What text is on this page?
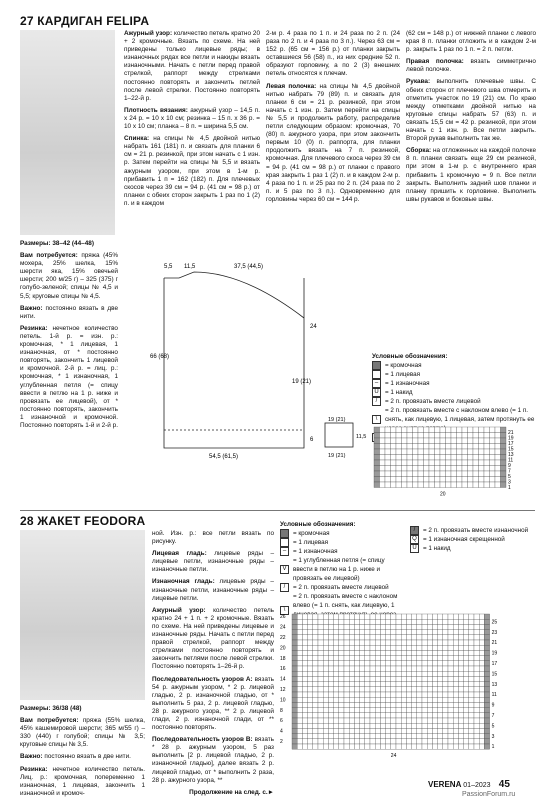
27 КАРДИГАН FELIPA

Размеры: 38–42 (44–48)

Вам потребуется: пряжа (45% мохера, 25% шелка, 15% шерсти яка, 15% овечьей шерсти; 200 м/25 г) – 325 (375) г голубо-зеленой; спицы № 4,5 и 5,5; круговые спицы № 4,5.

Важно: постоянно вязать в две нити.

Резинка: нечетное количество петель. 1-й р. = изн. р.: кромочная, * 1 лицевая, 1 изнаночная, от * постоянно повторять, закончить 1 лицевой и кромочной. 2-й р. = лиц. р.: кромочная, * 1 изнаночная, 1 углубленная петля (= спицу ввести в петлю на 1 р. ниже и провязать ее лицевой), от * постоянно повторять, закончить 1 изнаночной и кромочной. Постоянно повторять 1-й и 2-й р.

Ажурный узор: количество петель кратно 20 + 2 кромочные. Вязать по схеме. На ней приведены только лицевые ряды; в изнаночных рядах все петли и накиды вязать изнаночными. Начать с петли перед правой стрелкой, раппорт между стрелками постоянно повторять и закончить петлей после левой стрелки. Постоянно повторять 1–22-й р.

Плотность вязания: ажурный узор – 14,5 п. х 24 р. = 10 х 10 см; резинка – 15 п. х 36 р. = 10 х 10 см; планка – 8 п. = ширина 5,5 см.

Спинка: на спицы № 4,5 двойной нитью набрать 161 (181) п. и связать для планки 6 см = 21 р. резинкой, при этом начать с 1 изн. р. Затем перейти на спицы № 5,5 и вязать ажурным узором, при этом в 1-м р. прибавить 1 п = 162 (182) п. Для плечевых скосов через 39 см = 94 р. (41 см = 98 р.) от планки с обеих сторон закрыть 1 раз по 1 (2) п. и в каждом

2-м р. 4 раза по 1 п. и 24 раза по 2 п. (24 раза по 2 п. и 4 раза по 3 п.). Через 63 см = 152 р. (65 см = 156 р.) от планки закрыть оставшиеся 56 (58) п., из них средние 52 п. образуют горловину, а по 2 (3) внешних петель относятся к плечам.

Левая полочка: на спицы № 4,5 двойной нитью набрать 79 (89) п. и связать для планки 6 см = 21 р. резинкой, при этом начать с 1 изн. р. Затем перейти на спицы № 5,5 и продолжить работу, распределив петли следующим образом: кромочная, 70 (80) п. ажурного узора, при этом закончить первым 10 (0) п. раппорта, для планки продолжить вязать на 7 п. резинкой, кромочная. Для плечевого скоса через 39 см = 94 р. (41 см = 98 р.) от планки с правого края закрыть 1 раз 1 (2) п. и в каждом 2-м р. 4 раза по 1 п. и 25 раз по 2 п. (24 раза по 2 п. и 5 раз по 3 п.). Одновременно для горловины через 60 см = 144 р.

(62 см = 148 р.) от нижней планки с левого края 8 п. планки отложить и в каждом 2-м р. закрыть 1 раз по 1 п. = 2 п. петли.

Правая полочка: вязать симметрично левой полочке.

Рукава: выполнить плечевые швы. С обеих сторон от плечевого шва отмерить и отметить участок по 19 (21) см. По краю между отметками двойной нитью на круговые спицы набрать 57 (63) п. и связать 15,5 см = 42 р. резинкой, при этом начать с 1 изн. р. Все петли закрыть. Второй рукав выполнить так же.

Сборка: на отложенных на каждой полочке 8 п. планки связать еще 29 см резинкой, при этом в 1-м р. с внутреннего края прибавить 1 кромочную = 9 п. Все петли закрыть. Выполнить задний шов планки и планку пришить к горловине. Выполнить швы рукавов и боковые швы.

5,5 11,5	37,5 (44,5)
24
19 (21)
6
66 (68)
54,5 (61,5)
19 (21)
11,5
19 (21)
Условные обозначения:
= кромочная
= 1 лицевая
–	= 1 изнаночная
U	= 1 накид
/	= 2 п. провязать вместе лицевой
\
= 2 п. провязать вместе с наклоном влево (= 1 п. снять, как лицевую, 1 лицевая, затем протянуть ее
21
19
17
15
13
11
9
7
5
3
1
20
28 ЖАКЕТ FEODORA

Размеры: 36/38 (48)

Вам потребуется: пряжа (55% шелка, 45% кашемировой шерсти; 365 м/55 г) – 330 (440) г голубой; спицы № 3,5; круговые спицы № 3,5.

Важно: постоянно вязать в две нити.

Резинка: нечетное количество петель. Лиц. р.: кромочная, попеременно 1 изнаночная, 1 лицевая, закончить 1 изнаночной и кромоч-

ной. Изн. р.: все петли вязать по рисунку.

Лицевая гладь: лицевые ряды – лицевые петли, изнаночные ряды – изнаночные петли.

Изнаночная гладь: лицевые ряды – изнаночные петли, изнаночные ряды – лицевые петли.

Ажурный узор: количество петель кратно 24 + 1 п. + 2 кромочные. Вязать по схеме. На ней приведены лицевые и изнаночные ряды. Начать с петли перед правой стрелкой, раппорт между стрелками постоянно повторять и закончить петлями после левой стрелки. Постоянно повторять 1–26-й р.

Последовательность узоров А: вязать 54 р. ажурным узором, * 2 р. лицевой гладью, 2 р. изнаночной гладью, от * выполнить 5 раз, 2 р. лицевой гладью, 28 р. ажурного узора, ** 2 р. лицевой глади, 2 р. изнаночной глади, от ** постоянно повторять.

Последовательность узоров В: вязать * 28 р. ажурным узором, 5 раз выполнить [2 р. лицевой гладью, 2 р. изнаночной гладью], далее вязать 2 р. лицевой гладью, от * выполнить 2 раза, 28 р. ажурного узора, **

Продолжение на след. с.►

Условные обозначения:
= кромочная
= 1 лицевая
–	= 1 изнаночная
V
= 1 углубленная петля (= спицу ввести в петлю на 1 р. ниже и провязать ее лицевой)
/	= 2 п. провязать вместе лицевой
\
= 2 п. провязать вместе с наклоном влево (= 1 п. снять, как лицевую, 1
/	= 2 п. провязать вместе изнаночной
Q = 1 изнаночная скрещенной
U	= 1 накид
25
23
21
19
17
15
13
11
9
7
5
3
1
26
24
22
20
18
16
14
12
10
8
6
4
2
24
VERENA 01–2023 45
PassionForum.ru
